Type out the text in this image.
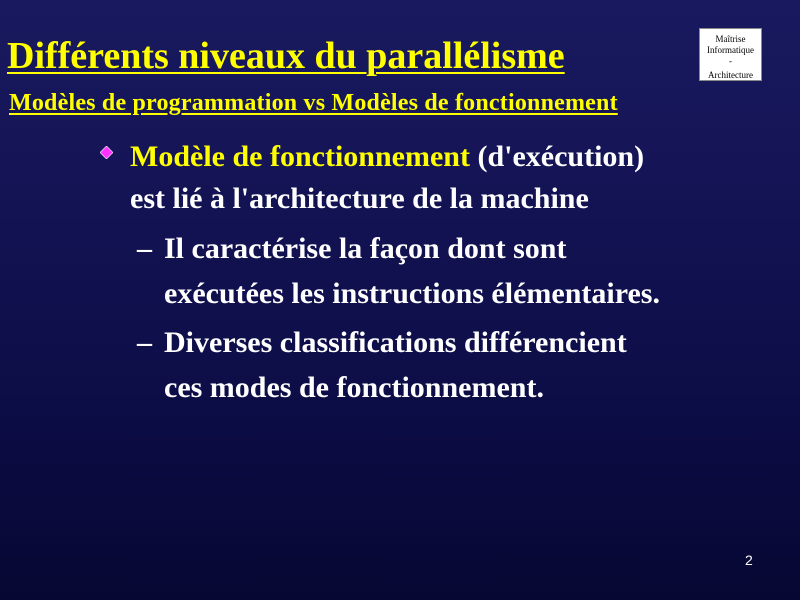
Différents niveaux du parallélisme
Modèles de programmation vs Modèles de fonctionnement
Maîtrise
Informatique
-
Architecture

Modèle de fonctionnement (d'exécution)
est lié à l'architecture de la machine

– Il caractérise la façon dont sont
exécutées les instructions élémentaires.

– Diverses classifications différencient
ces modes de fonctionnement.

2
